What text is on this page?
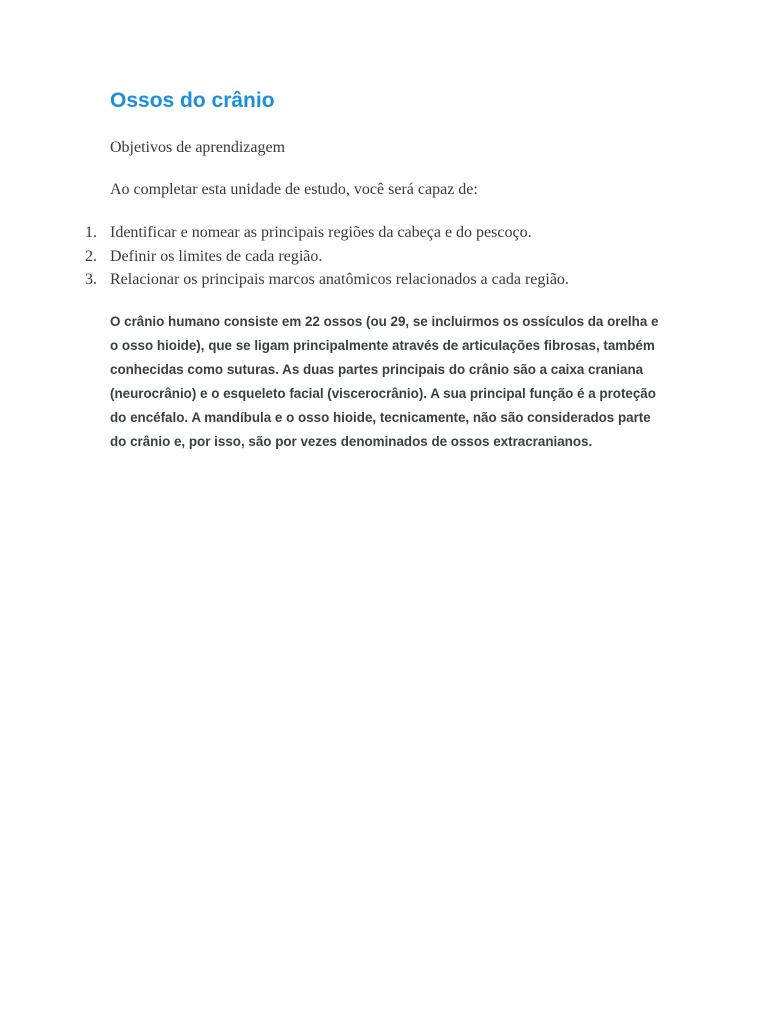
Ossos do crânio

Objetivos de aprendizagem

Ao completar esta unidade de estudo, você será capaz de:

1. Identificar e nomear as principais regiões da cabeça e do pescoço.
2. Definir os limites de cada região.
3. Relacionar os principais marcos anatômicos relacionados a cada região.

O crânio humano consiste em 22 ossos (ou 29, se incluirmos os ossículos da orelha e o osso hioide), que se ligam principalmente através de articulações fibrosas, também conhecidas como suturas. As duas partes principais do crânio são a caixa craniana (neurocrânio) e o esqueleto facial (viscerocrânio). A sua principal função é a proteção do encéfalo. A mandíbula e o osso hioide, tecnicamente, não são considerados parte do crânio e, por isso, são por vezes denominados de ossos extracranianos.
